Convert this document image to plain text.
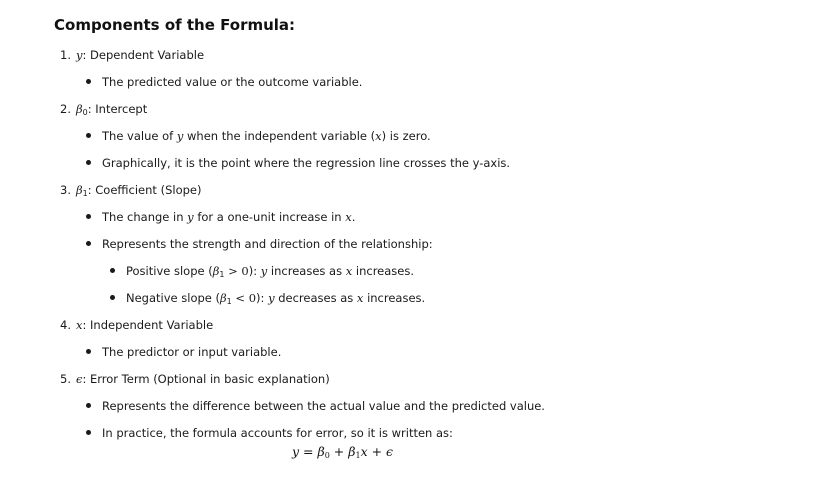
Components of the Formula:
1. y: Dependent Variable
The predicted value or the outcome variable.
2. $\beta_0$: Intercept
The value of y when the independent variable (x) is zero.
Graphically, it is the point where the regression line crosses the y-axis.
3. $\beta_1$: Coefficient (Slope)
The change in y for a one-unit increase in x.
Represents the strength and direction of the relationship:
Positive slope $(\beta_1 > 0)$: y increases as x increases.
Negative slope $(\beta_1 < 0)$: y decreases as x increases.
4. x: Independent Variable
The predictor or input variable.
5. ϵ: Error Term (Optional in basic explanation)
Represents the difference between the actual value and the predicted value.
In practice, the formula accounts for error, so it is written as:
$y = \beta_0 + \beta_1x + \epsilon$
